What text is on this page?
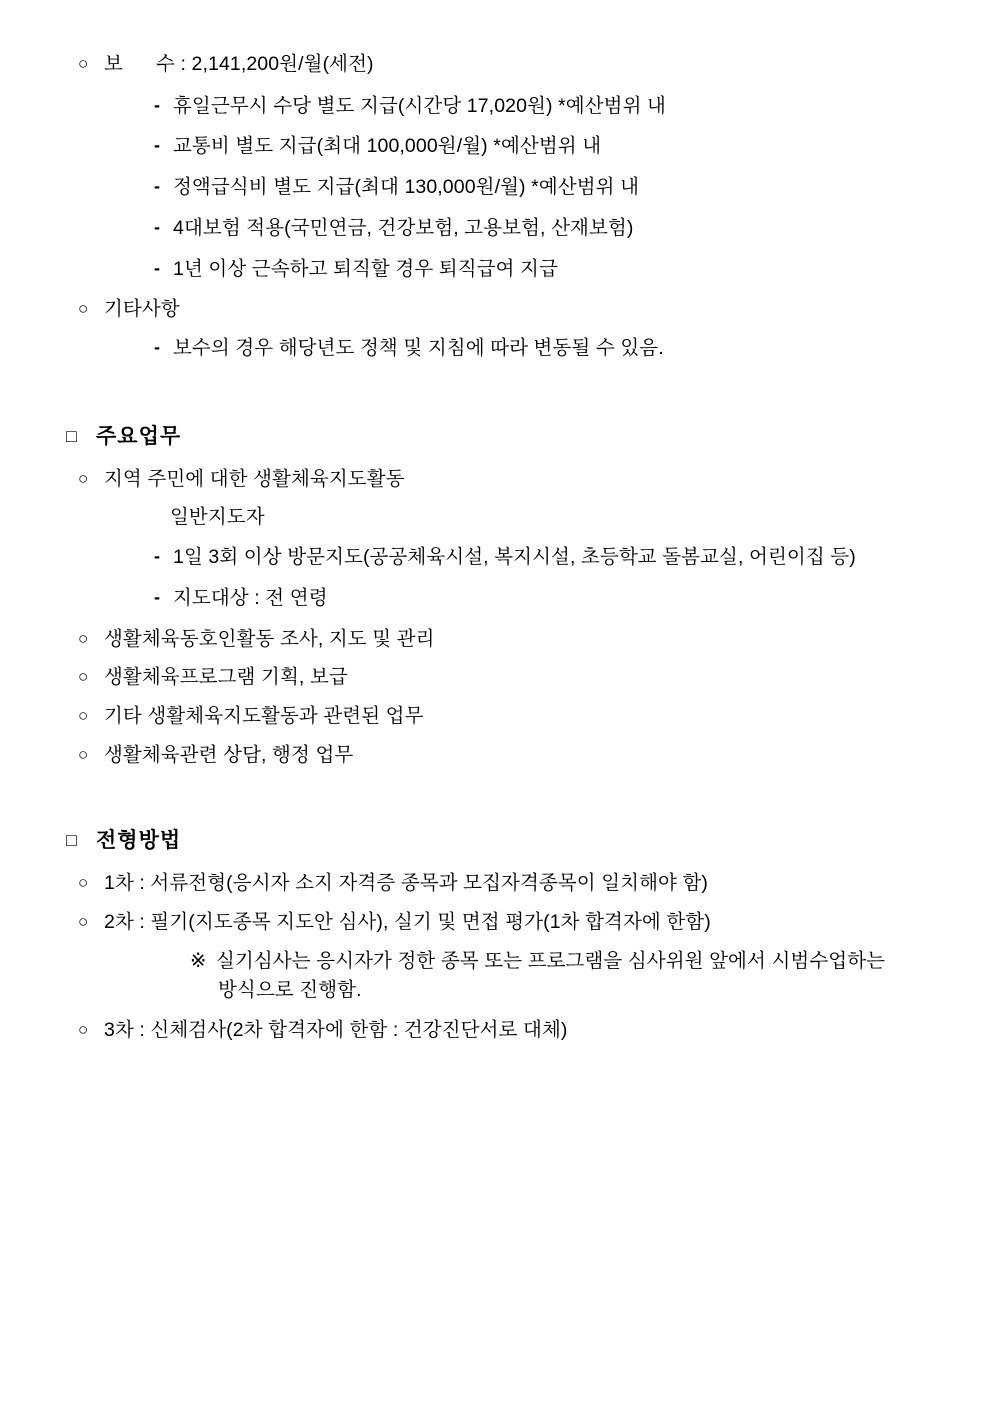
○ 보      수 : 2,141,200원/월(세전)
- 휴일근무시 수당 별도 지급(시간당 17,020원) *예산범위 내
- 교통비 별도 지급(최대 100,000원/월) *예산범위 내
- 정액급식비 별도 지급(최대 130,000원/월) *예산범위 내
- 4대보험 적용(국민연금, 건강보험, 고용보험, 산재보험)
- 1년 이상 근속하고 퇴직할 경우 퇴직급여 지급
○ 기타사항
- 보수의 경우 해당년도 정책 및 지침에 따라 변동될 수 있음.
□ 주요업무
○ 지역 주민에 대한 생활체육지도활동
일반지도자
- 1일 3회 이상 방문지도(공공체육시설, 복지시설, 초등학교 돌봄교실, 어린이집 등)
- 지도대상 : 전 연령
○ 생활체육동호인활동 조사, 지도 및 관리
○ 생활체육프로그램 기획, 보급
○ 기타 생활체육지도활동과 관련된 업무
○ 생활체육관련 상담, 행정 업무
□ 전형방법
○ 1차 : 서류전형(응시자 소지 자격증 종목과 모집자격종목이 일치해야 함)
○ 2차 : 필기(지도종목 지도안 심사), 실기 및 면접 평가(1차 합격자에 한함)
※ 실기심사는 응시자가 정한 종목 또는 프로그램을 심사위원 앞에서 시범수업하는
방식으로 진행함.
○ 3차 : 신체검사(2차 합격자에 한함 : 건강진단서로 대체)
